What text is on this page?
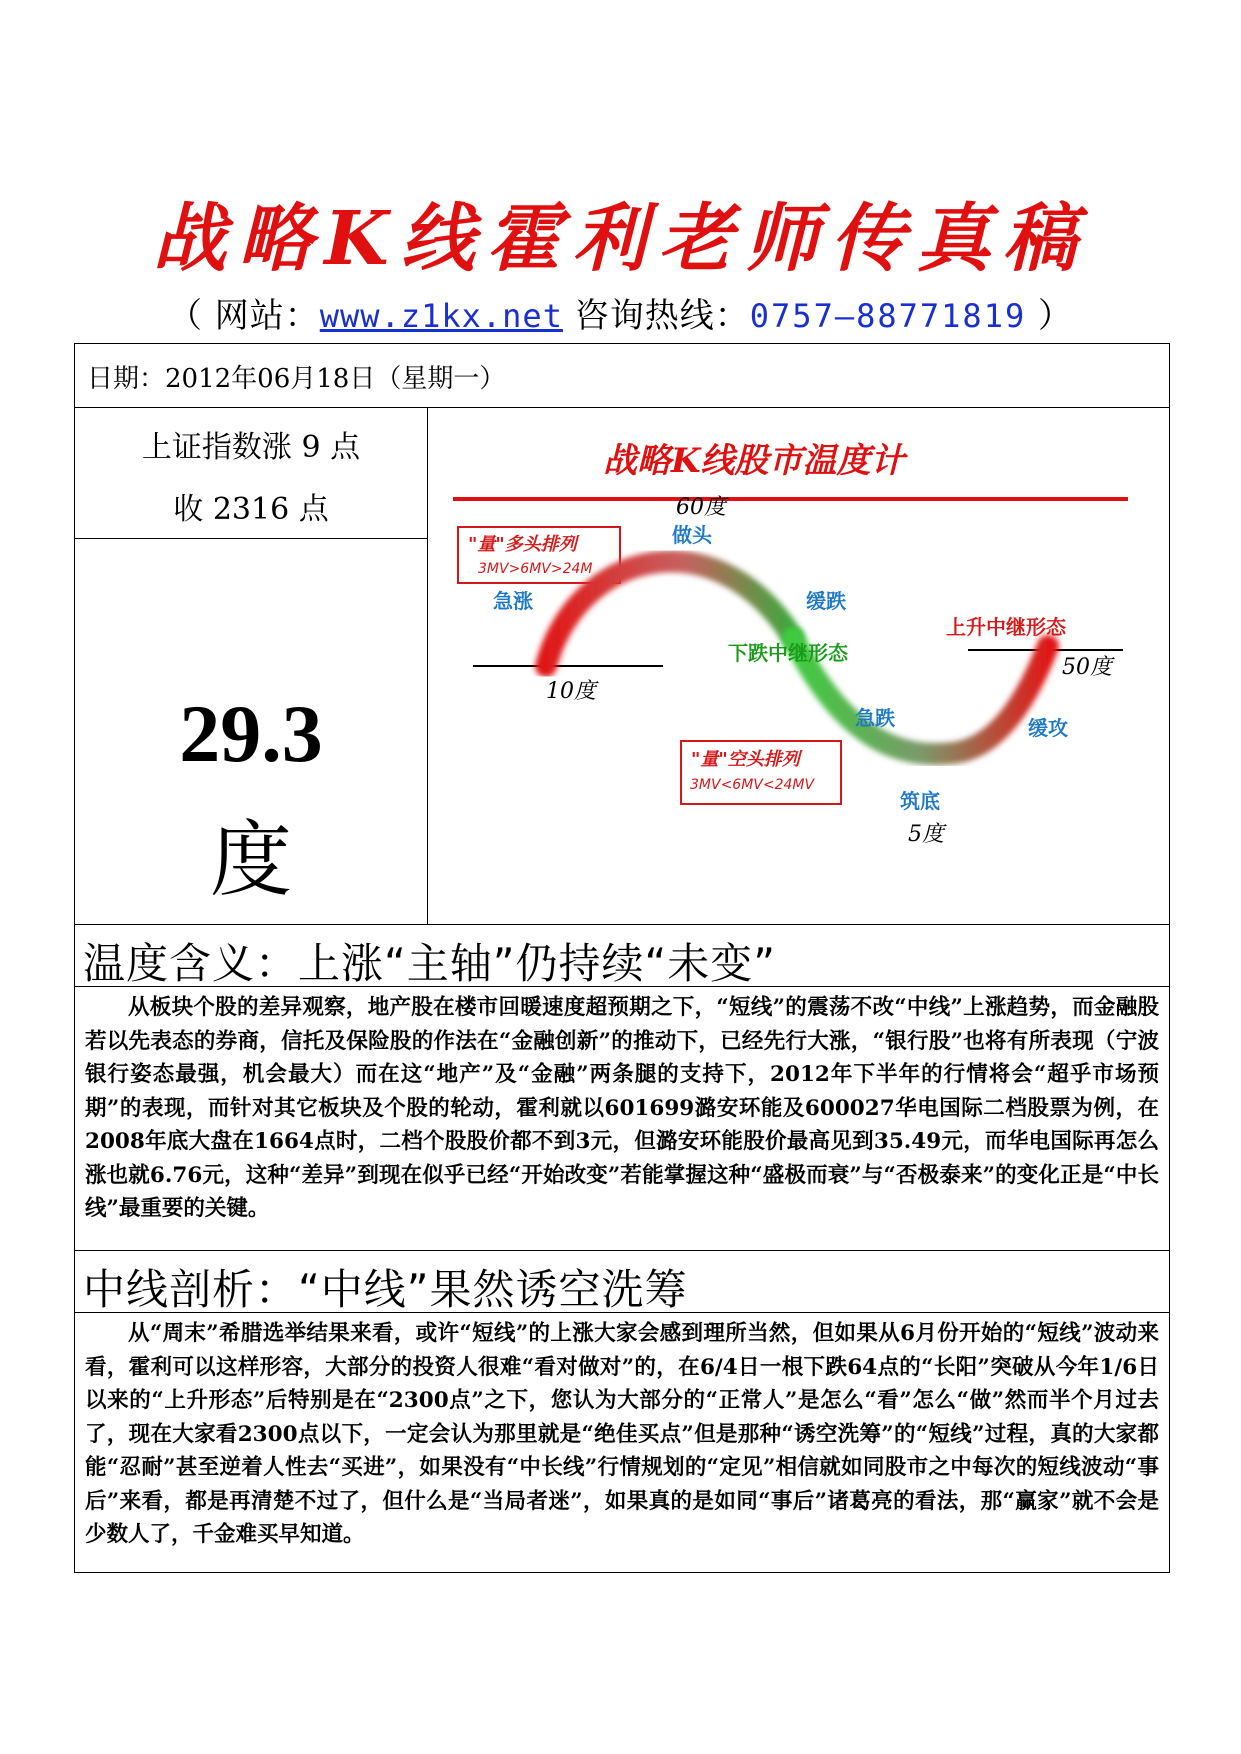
战略K线霍利老师传真稿
（ 网站：www.z1kx.net 咨询热线：0757—88771819 ）
日期：2012年06月18日（星期一）
上证指数涨 9 点
收 2316 点
29.3
度
战略K线股市温度计
"量"多头排列
3MV>6MV>24M
"量"空头排列
3MV<6MV<24MV
60度
做头
急涨	缓跌
下跌中继形态
上升中继形态
10度
50度
急跌	缓攻
筑底
5度
温度含义：上涨“主轴”仍持续“未变”

从板块个股的差异观察，地产股在楼市回暖速度超预期之下，“短线”的震荡不改“中线”上涨趋势，而金融股若以先表态的券商，信托及保险股的作法在“金融创新”的推动下，已经先行大涨，“银行股”也将有所表现（宁波银行姿态最强，机会最大）而在这“地产”及“金融”两条腿的支持下，2012年下半年的行情将会“超乎市场预期”的表现，而针对其它板块及个股的轮动，霍利就以601699潞安环能及600027华电国际二档股票为例，在2008年底大盘在1664点时，二档个股股价都不到3元，但潞安环能股价最高见到35.49元，而华电国际再怎么涨也就6.76元，这种“差异”到现在似乎已经“开始改变”若能掌握这种“盛极而衰”与“否极泰来”的变化正是“中长线”最重要的关键。

中线剖析：“中线”果然诱空洗筹

从“周末”希腊选举结果来看，或许“短线”的上涨大家会感到理所当然，但如果从6月份开始的“短线”波动来看，霍利可以这样形容，大部分的投资人很难“看对做对”的，在6/4日一根下跌64点的“长阳”突破从今年1/6日以来的“上升形态”后特别是在“2300点”之下，您认为大部分的“正常人”是怎么“看”怎么“做”然而半个月过去了，现在大家看2300点以下，一定会认为那里就是“绝佳买点”但是那种“诱空洗筹”的“短线”过程，真的大家都能“忍耐”甚至逆着人性去“买进”，如果没有“中长线”行情规划的“定见”相信就如同股市之中每次的短线波动“事后”来看，都是再清楚不过了，但什么是“当局者迷”，如果真的是如同“事后”诸葛亮的看法，那“赢家”就不会是少数人了，千金难买早知道。
